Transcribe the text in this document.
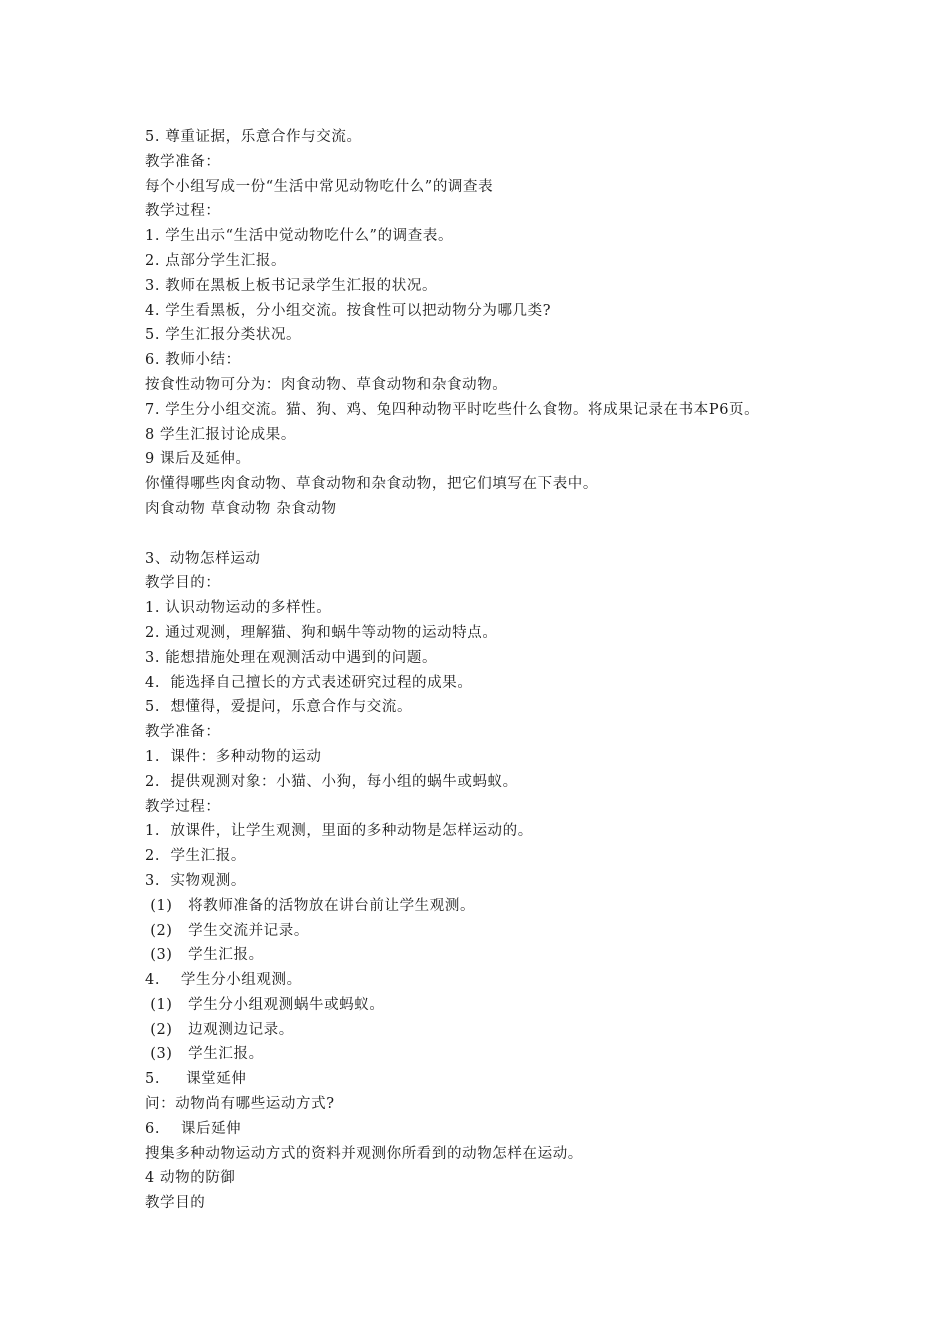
5. 尊重证据，乐意合作与交流。
教学准备：
每个小组写成一份“生活中常见动物吃什么”的调查表
教学过程：
1. 学生出示“生活中觉动物吃什么”的调查表。
2. 点部分学生汇报。
3. 教师在黑板上板书记录学生汇报的状况。
4. 学生看黑板，分小组交流。按食性可以把动物分为哪几类?
5. 学生汇报分类状况。
6. 教师小结：
按食性动物可分为：肉食动物、草食动物和杂食动物。
7. 学生分小组交流。猫、狗、鸡、兔四种动物平时吃些什么食物。将成果记录在书本P6页。
8 学生汇报讨论成果。
9 课后及延伸。
你懂得哪些肉食动物、草食动物和杂食动物，把它们填写在下表中。
肉食动物 草食动物 杂食动物
3、动物怎样运动
教学目的：
1. 认识动物运动的多样性。
2. 通过观测，理解猫、狗和蜗牛等动物的运动特点。
3. 能想措施处理在观测活动中遇到的问题。
4.  能选择自己擅长的方式表述研究过程的成果。
5.  想懂得，爱提问，乐意合作与交流。
教学准备：
1.  课件：多种动物的运动
2.  提供观测对象：小猫、小狗，每小组的蜗牛或蚂蚁。
教学过程：
1.  放课件，让学生观测，里面的多种动物是怎样运动的。
2.  学生汇报。
3.  实物观测。
(1)   将教师准备的活物放在讲台前让学生观测。
(2)   学生交流并记录。
(3)   学生汇报。
4.    学生分小组观测。
(1)   学生分小组观测蜗牛或蚂蚁。
(2)   边观测边记录。
(3)   学生汇报。
5.     课堂延伸
问：动物尚有哪些运动方式?
6.    课后延伸
搜集多种动物运动方式的资料并观测你所看到的动物怎样在运动。
4 动物的防御
教学目的
